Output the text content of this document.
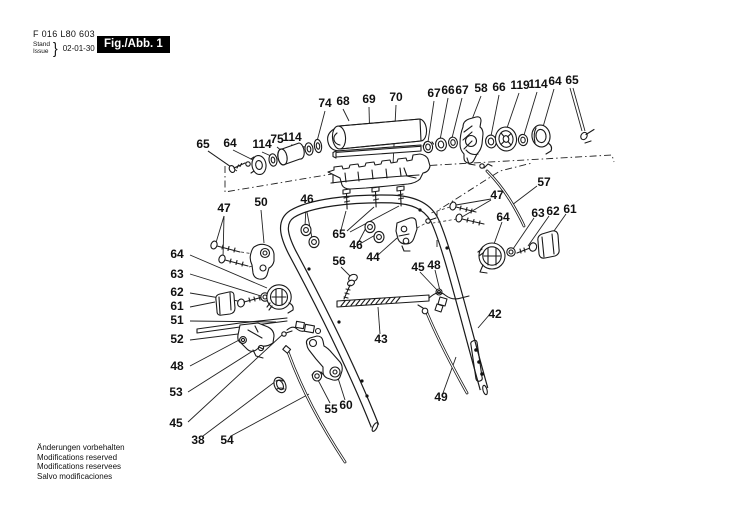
F 016 L80 603
Stand
Issue } 02-01-30 Fig./Abb. 1
74 68 69 70 67 66 67 58 66 119
114 64 65
65 64 114
75
114
47 50	46
65
46
44
56	45 48
64
63
62
61
51
52
48
53
45
38 54
55 60
43
49
42
57
47
64 63 62 61
Änderungen vorbehalten
Modifications reserved
Modifications reservees
Salvo modificaciones
